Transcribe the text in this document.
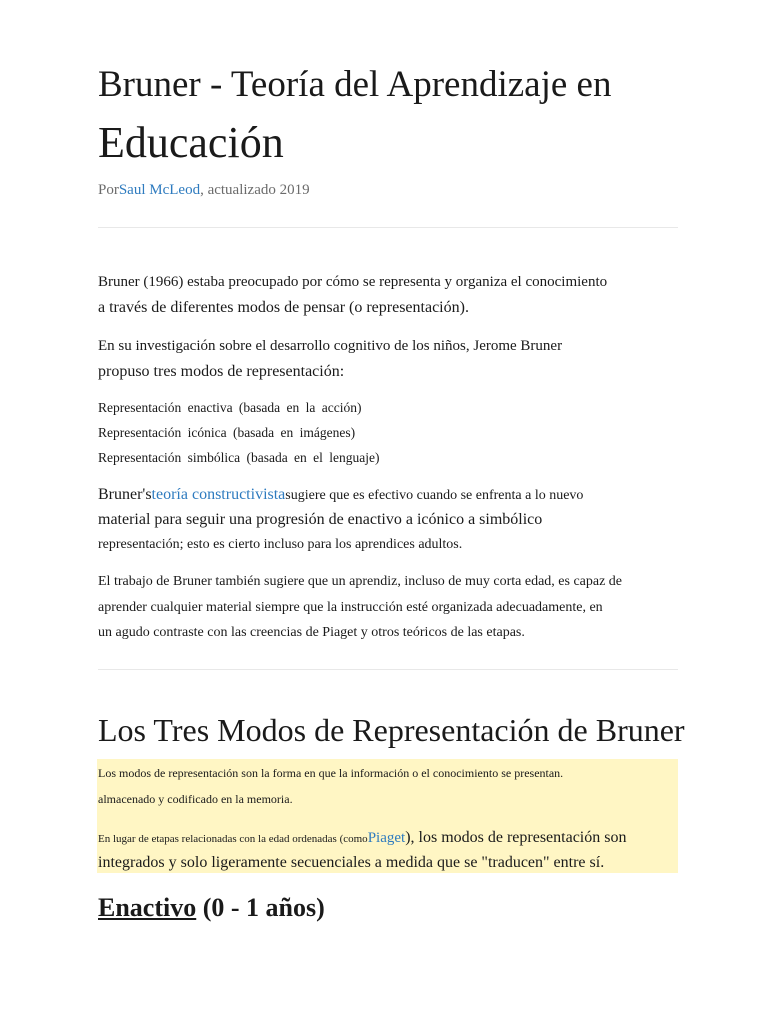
Bruner - Teoría del Aprendizaje en
Educación
PorSaul McLeod, actualizado 2019
Bruner (1966) estaba preocupado por cómo se representa y organiza el conocimiento
a través de diferentes modos de pensar (o representación).
En su investigación sobre el desarrollo cognitivo de los niños, Jerome Bruner
propuso tres modos de representación:
Representación enactiva (basada en la acción)
Representación icónica (basada en imágenes)
Representación simbólica (basada en el lenguaje)
Bruner'steoría constructivistasugiere que es efectivo cuando se enfrenta a lo nuevo
material para seguir una progresión de enactivo a icónico a simbólico
representación; esto es cierto incluso para los aprendices adultos.
El trabajo de Bruner también sugiere que un aprendiz, incluso de muy corta edad, es capaz de
aprender cualquier material siempre que la instrucción esté organizada adecuadamente, en
un agudo contraste con las creencias de Piaget y otros teóricos de las etapas.
Los Tres Modos de Representación de Bruner
Los modos de representación son la forma en que la información o el conocimiento se presentan.
almacenado y codificado en la memoria.
En lugar de etapas relacionadas con la edad ordenadas (comoPiaget), los modos de representación son
integrados y solo ligeramente secuenciales a medida que se "traducen" entre sí.
Enactivo (0 - 1 años)
